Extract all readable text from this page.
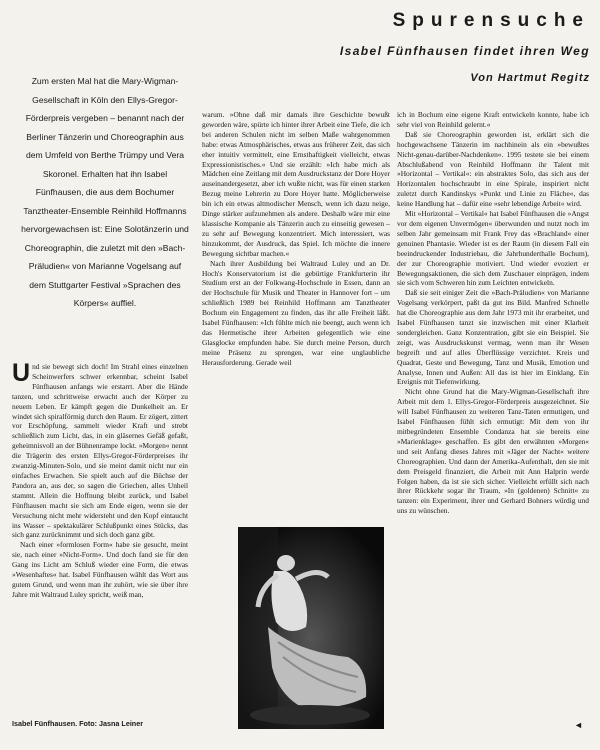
Spurensuche
Isabel Fünfhausen findet ihren Weg
Von Hartmut Regitz
Zum ersten Mal hat die Mary-Wigman-Gesellschaft in Köln den Ellys-Gregor-Förderpreis vergeben – benannt nach der Berliner Tänzerin und Choreographin aus dem Umfeld von Berthe Trümpy und Vera Skoronel. Erhalten hat ihn Isabel Fünfhausen, die aus dem Bochumer Tanztheater-Ensemble Reinhild Hoffmanns hervorgewachsen ist: Eine Solotänzerin und Choreographin, die zuletzt mit den »Bach-Präludien« von Marianne Vogelsang auf dem Stuttgarter Festival »Sprachen des Körpers« auffiel.

Und sie bewegt sich doch! Im Strahl eines einzelnen Scheinwerfers schwer erkennbar, scheint Isabel Fünfhausen anfangs wie erstarrt. Aber die Hände tanzen, und schrittweise erwacht auch der Körper zu neuem Leben. Er kämpft gegen die Dunkelheit an. Er windet sich spiralförmig durch den Raum. Er zögert, zittert vor Erschöpfung, sammelt wieder Kraft und strebt schließlich zum Licht, das, in ein gläsernes Gefäß gefaßt, geheimnisvoll an der Bühnenrampe lockt. »Morgen« nennt die Trägerin des ersten Ellys-Gregor-Förderpreises ihr zwanzig-Minuten-Solo, und sie meint damit nicht nur ein einfaches Erwachen. Sie spielt auch auf die Büchse der Pandora an, aus der, so sagen die Griechen, alles Unheil stammt. Allein die Hoffnung bleibt zurück, und Isabel Fünfhausen macht sie sich am Ende eigen, wenn sie der Versuchung nicht mehr widersteht und den Kopf eintaucht ins Wasser – spektakulärer Schlußpunkt eines Stücks, das sich ganz zurücknimmt und sich doch ganz gibt.

Nach einer »formlosen Form« habe sie gesucht, meint sie, nach einer »Nicht-Form«. Und doch fand sie für den Gang ins Licht am Schluß wieder eine Form, die etwas »Wesenhaftes« hat. Isabel Fünfhausen wählt das Wort aus gutem Grund, und wenn man ihr zuhört, wie sie über ihre Jahre mit Waltraud Luley spricht, weiß man,

warum. »Ohne daß mir damals ihre Geschichte bewußt geworden wäre, spürte ich hinter ihrer Arbeit eine Tiefe, die ich bei anderen Schulen nicht im selben Maße wahrgenommen habe: etwas Atmosphärisches, etwas aus früherer Zeit, das sich eher intuitiv vermittelt, eine Ernsthaftigkeit vielleicht, etwas Expressionistisches.« Und sie erzählt: »Ich habe mich als Mädchen eine Zeitlang mit dem Ausdruckstanz der Dore Hoyer auseinandergesetzt, aber ich wußte nicht, was für einen starken Bezug meine Lehrerin zu Dore Hoyer hatte. Möglicherweise bin ich ein etwas altmodischer Mensch, wenn ich dazu neige, Dinge stärker aufzunehmen als andere. Deshalb wäre mir eine klassische Kompanie als Tänzerin auch zu einseitig gewesen – zu sehr auf Bewegung konzentriert. Mich interessiert, was hinzukommt, der Ausdruck, das Spiel. Ich möchte die innere Bewegung sichtbar machen.«

Nach ihrer Ausbildung bei Waltraud Luley und an Dr. Hoch's Konservatorium ist die gebürtige Frankfurterin ihr Studium erst an der Folkwang-Hochschule in Essen, dann an der Hochschule für Musik und Theater in Hannover fort – um schließlich 1989 bei Reinhild Hoffmann am Tanztheater Bochum ein Engagement zu finden, das ihr alle Freiheit läßt. Isabel Fünfhausen: »Ich fühlte mich nie beengt, auch wenn ich das Hermetische ihrer Arbeiten gelegentlich wie eine Glasglocke empfunden habe. Sie durch meine Person, durch meine Präsenz zu sprengen, war eine unglaubliche Herausforderung. Gerade weil

ich in Bochum eine eigene Kraft entwickeln konnte, habe ich sehr viel von Reinhild gelernt.«

Daß sie Choreographin geworden ist, erklärt sich die hochgewachsene Tänzerin im nachhinein als ein »bewußtes Nicht-genau-darüber-Nachdenken«. 1995 testete sie bei einem Abschlußabend von Reinhild Hoffmann ihr Talent mit »Horizontal – Vertikal«: ein abstraktes Solo, das sich aus der Horizontalen hochschraubt in eine Spirale, inspiriert nicht zuletzt durch Kandinskys »Punkt und Linie zu Fläche«, das keine Handlung hat – dafür eine »sehr lebendige Arbeit« wird.

Mit »Horizontal – Vertikal« hat Isabel Fünfhausen die »Angst vor dem eigenen Unvermögen« überwunden und nutzt noch im selben Jahr gemeinsam mit Frank Frey das »Brachland« einer genuinen Phantasie. Wieder ist es der Raum (in diesem Fall ein beeindruckender Industriebau, die Jahrhunderthalle Bochum), der zur Choreographie motiviert. Und wieder evoziert er Bewegungsaktionen, die sich dem Zuschauer einprägen, indem sie sich vom Schweren hin zum Leichten entwickeln.

Daß sie seit einiger Zeit die »Bach-Präludien« von Marianne Vogelsang verkörpert, paßt da gut ins Bild. Manfred Schnelle hat die Choreographie aus dem Jahr 1973 mit ihr erarbeitet, und Isabel Fünfhausen tanzt sie inzwischen mit einer Klarheit sondergleichen. Ganz Konzentration, gibt sie ein Beispiel. Sie zeigt, was Ausdruckskunst vermag, wenn man ihr Wesen begreift und auf alles Überflüssige verzichtet. Kreis und Quadrat, Geste und Bewegung, Tanz und Musik, Emotion und Analyse, Innen und Außen: All das ist hier im Einklang. Ein Ereignis mit Tiefenwirkung.

Nicht ohne Grund hat die Mary-Wigman-Gesellschaft ihre Arbeit mit dem 1. Ellys-Gregor-Förderpreis ausgezeichnet. Sie will Isabel Fünfhausen zu weiteren Tanz-Taten ermutigen, und Isabel Fünfhausen fühlt sich ermutigt: Mit dem von ihr mitbegründeten Ensemble Condanza hat sie bereits eine »Marienklage« geschaffen. Es gibt den erwähnten »Morgen« und seit Anfang dieses Jahres mit »Jäger der Nacht« weitere Choreographien. Und dann der Amerika-Aufenthalt, den sie mit dem Preisgeld finanziert, die Arbeit mit Ann Halprin werde Folgen haben, da ist sie sich sicher. Vielleicht erfüllt sich nach ihrer Rückkehr sogar ihr Traum, »In (goldenen) Schnitt« zu tanzen: ein Experiment, ihrer und Gerhard Bohners würdig und uns zu wünschen.

Isabel Fünfhausen. Foto: Jasna Leiner	◄
